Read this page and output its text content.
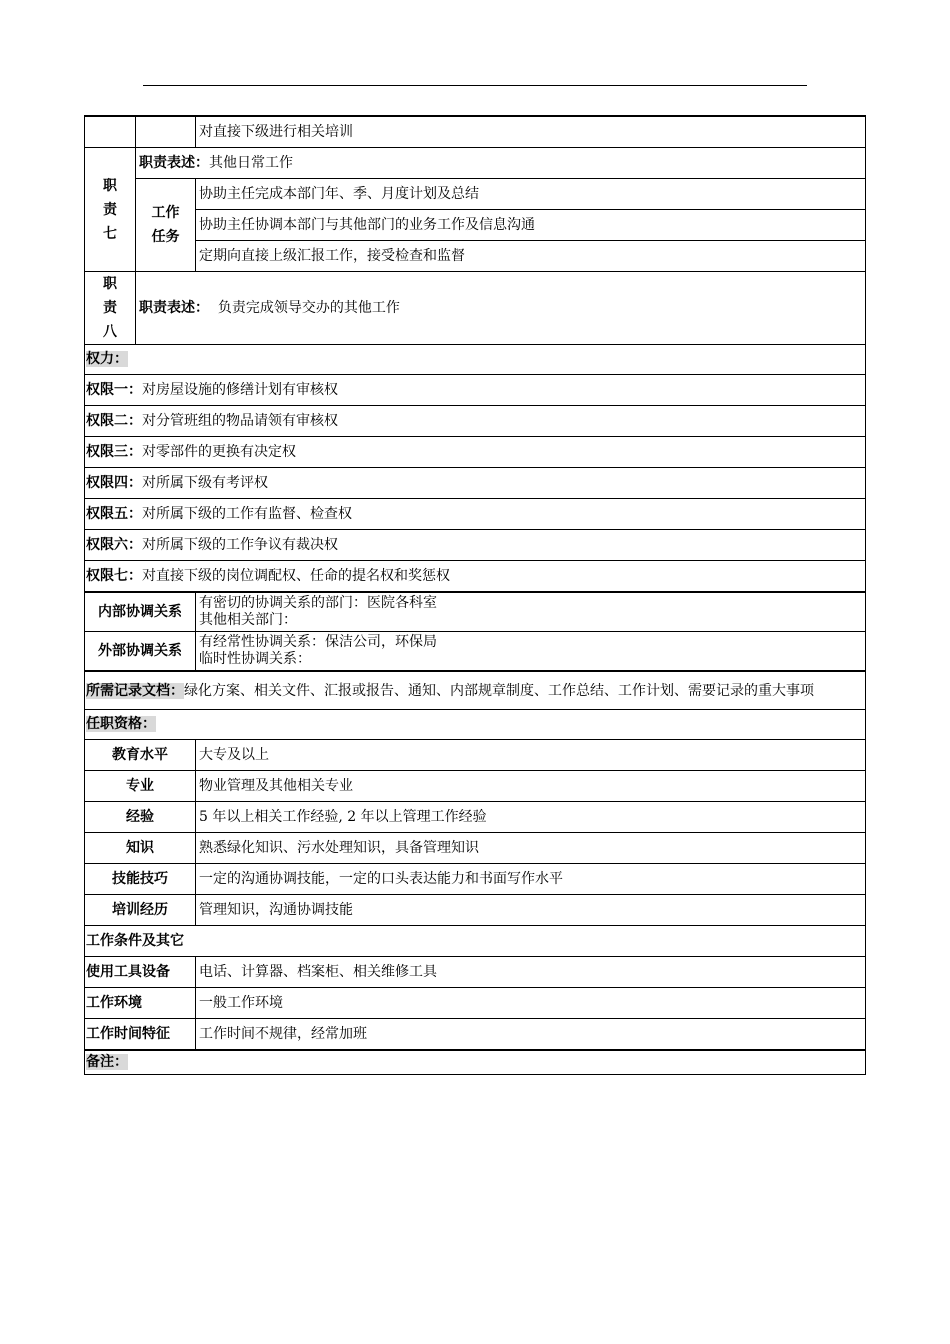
		对直接下级进行相关培训
职
责
七	职责表述：其他日常工作	
	工作
任务	协助主任完成本部门年、季、月度计划及总结
		协助主任协调本部门与其他部门的业务工作及信息沟通
		定期向直接上级汇报工作，接受检查和监督
职
责
八	职责表述： 负责完成领导交办的其他工作	
权力：		
权限一：对房屋设施的修缮计划有审核权		
权限二：对分管班组的物品请领有审核权		
权限三：对零部件的更换有决定权		
权限四：对所属下级有考评权		
权限五：对所属下级的工作有监督、检查权		
权限六：对所属下级的工作争议有裁决权		
权限七：对直接下级的岗位调配权、任命的提名权和奖惩权		
内部协调关系		有密切的协调关系的部门：医院各科室
其他相关部门：

外部协调关系		有经常性协调关系：保洁公司，环保局
临时性协调关系：

所需记录文档：绿化方案、相关文件、汇报或报告、通知、内部规章制度、工作总结、工作计划、需要记录的重大事项		
任职资格：		
教育水平		大专及以上
专业		物业管理及其他相关专业
经验		5 年以上相关工作经验, 2 年以上管理工作经验
知识		熟悉绿化知识、污水处理知识，具备管理知识
技能技巧		一定的沟通协调技能，一定的口头表达能力和书面写作水平
培训经历		管理知识，沟通协调技能
工作条件及其它		
使用工具设备		电话、计算器、档案柜、相关维修工具
工作环境		一般工作环境
工作时间特征		工作时间不规律，经常加班
备注：		
